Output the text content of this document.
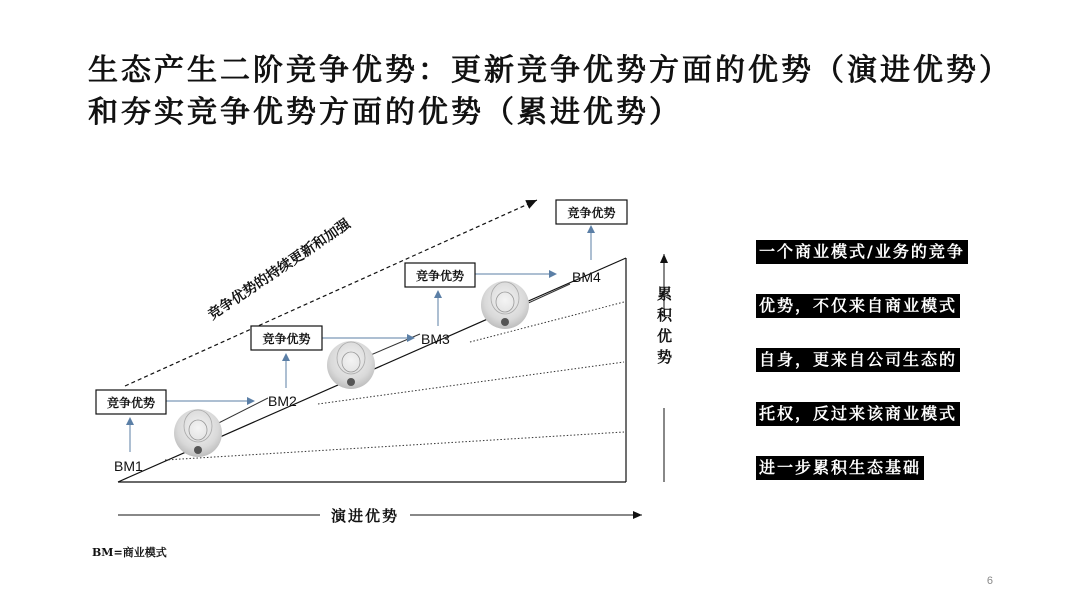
生态产生二阶竞争优势：更新竞争优势方面的优势（演进优势）和夯实竞争优势方面的优势（累进优势）
竞争优势
竞争优势
竞争优势
竞争优势
BM1
BM2
BM3
BM4
竞争优势的持续更新和加强
演进优势
累积优势
BM=商业模式
6
一个商业模式/业务的竞争
优势，不仅来自商业模式
自身，更来自公司生态的
托权，反过来该商业模式
进一步累积生态基础
